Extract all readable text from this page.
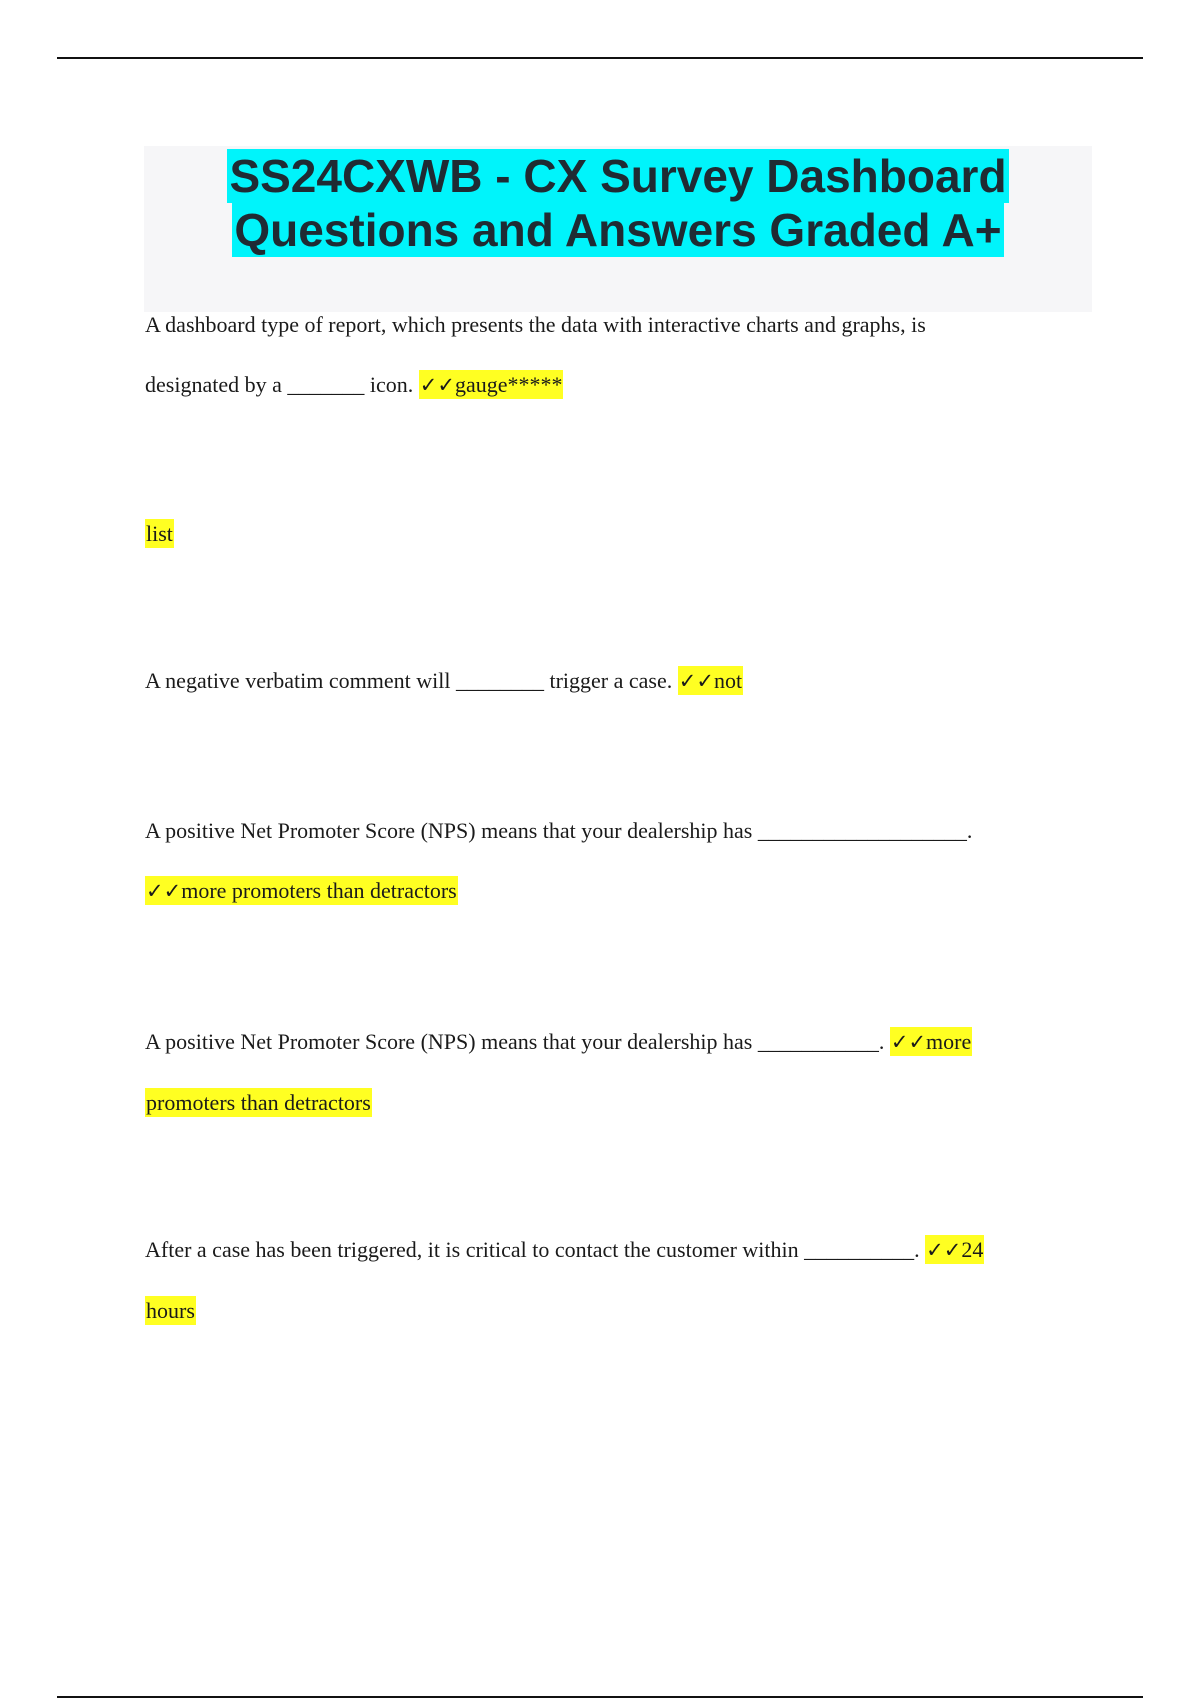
SS24CXWB - CX Survey Dashboard
Questions and Answers Graded A+

A dashboard type of report, which presents the data with interactive charts and graphs, is

designated by a _______ icon. ✓✓gauge*****

list

A negative verbatim comment will ________ trigger a case. ✓✓not

A positive Net Promoter Score (NPS) means that your dealership has ___________________.

✓✓more promoters than detractors

A positive Net Promoter Score (NPS) means that your dealership has ___________. ✓✓more

promoters than detractors

After a case has been triggered, it is critical to contact the customer within __________. ✓✓24

hours
